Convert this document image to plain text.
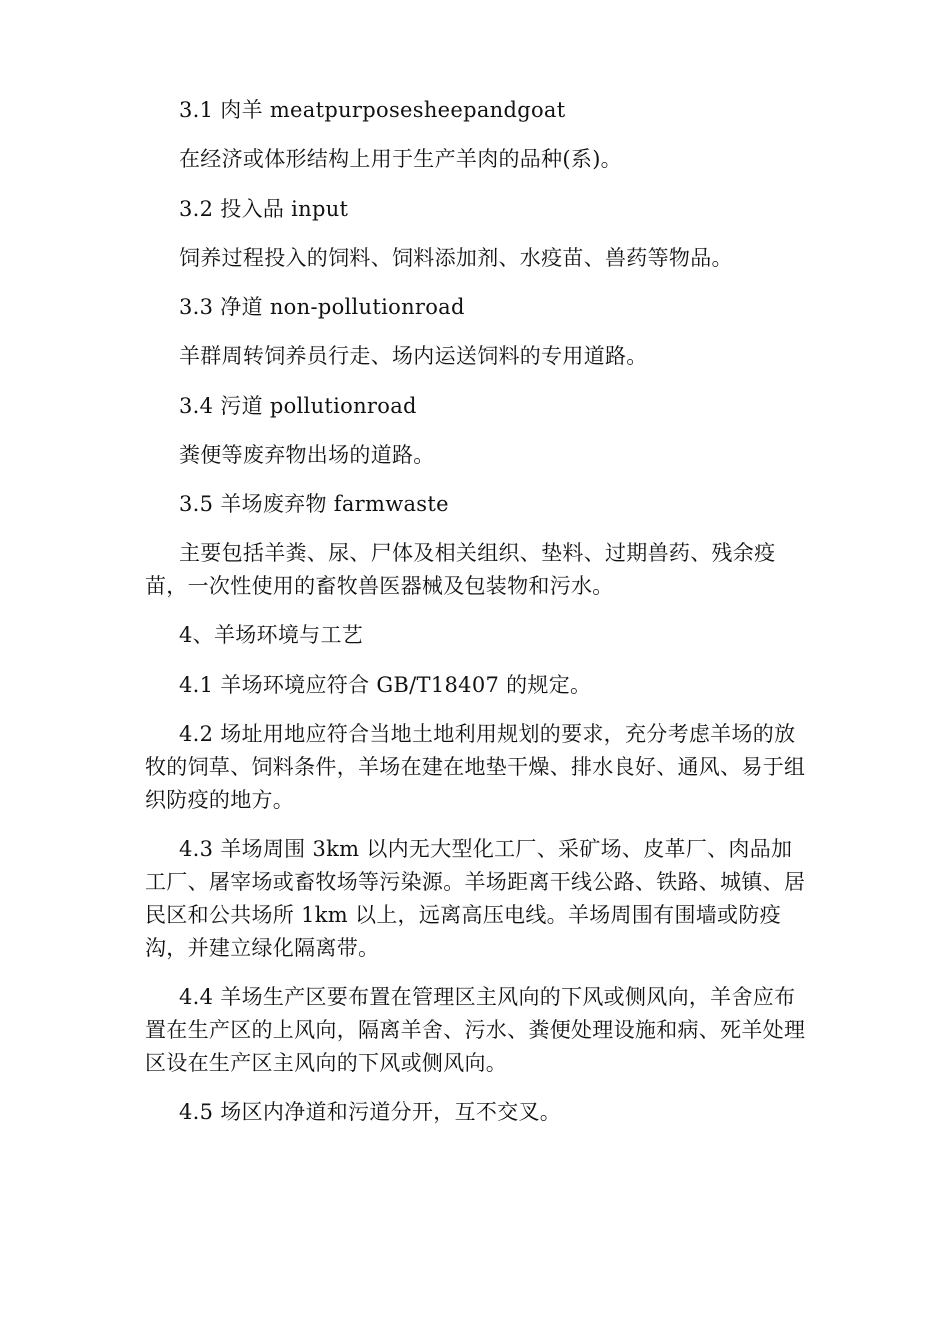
3.1 肉羊 meatpurposesheepandgoat

在经济或体形结构上用于生产羊肉的品种(系)。

3.2 投入品 input

饲养过程投入的饲料、饲料添加剂、水疫苗、兽药等物品。

3.3 净道 non-pollutionroad

羊群周转饲养员行走、场内运送饲料的专用道路。

3.4 污道 pollutionroad

粪便等废弃物出场的道路。

3.5 羊场废弃物 farmwaste

主要包括羊粪、尿、尸体及相关组织、垫料、过期兽药、残余疫苗，一次性使用的畜牧兽医器械及包装物和污水。

4、羊场环境与工艺

4.1 羊场环境应符合 GB/T18407 的规定。

4.2 场址用地应符合当地土地利用规划的要求，充分考虑羊场的放牧的饲草、饲料条件，羊场在建在地垫干燥、排水良好、通风、易于组织防疫的地方。

4.3 羊场周围 3km 以内无大型化工厂、采矿场、皮革厂、肉品加工厂、屠宰场或畜牧场等污染源。羊场距离干线公路、铁路、城镇、居民区和公共场所 1km 以上，远离高压电线。羊场周围有围墙或防疫沟，并建立绿化隔离带。

4.4 羊场生产区要布置在管理区主风向的下风或侧风向，羊舍应布置在生产区的上风向，隔离羊舍、污水、粪便处理设施和病、死羊处理区设在生产区主风向的下风或侧风向。

4.5 场区内净道和污道分开，互不交叉。
